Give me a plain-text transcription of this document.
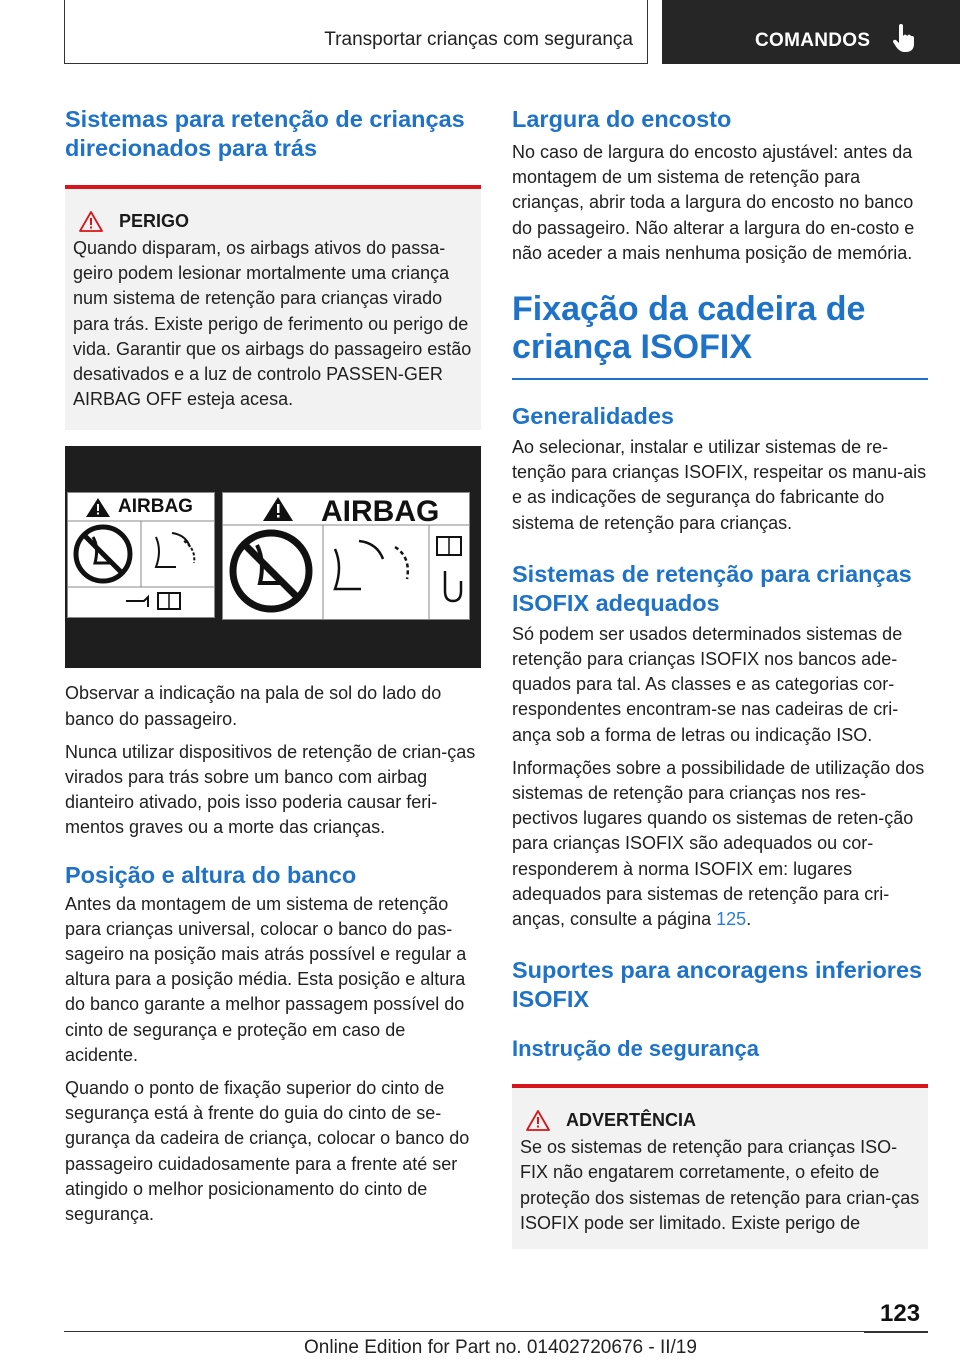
Transportar crianças com segurança	COMANDOS
Sistemas para retenção de crianças direcionados para trás
PERIGO

Quando disparam, os airbags ativos do passa-geiro podem lesionar mortalmente uma criança num sistema de retenção para crianças virado para trás. Existe perigo de ferimento ou perigo de vida. Garantir que os airbags do passageiro estão desativados e a luz de controlo PASSEN-GER AIRBAG OFF esteja acesa.

AIRBAG	AIRBAG

Observar a indicação na pala de sol do lado do banco do passageiro.

Nunca utilizar dispositivos de retenção de crian-ças virados para trás sobre um banco com airbag dianteiro ativado, pois isso poderia causar feri-mentos graves ou a morte das crianças.

Posição e altura do banco

Antes da montagem de um sistema de retenção para crianças universal, colocar o banco do pas-sageiro na posição mais atrás possível e regular a altura para a posição média. Esta posição e altura do banco garante a melhor passagem possível do cinto de segurança e proteção em caso de acidente.

Quando o ponto de fixação superior do cinto de segurança está à frente do guia do cinto de se-gurança da cadeira de criança, colocar o banco do passageiro cuidadosamente para a frente até ser atingido o melhor posicionamento do cinto de segurança.

Largura do encosto

No caso de largura do encosto ajustável: antes da montagem de um sistema de retenção para crianças, abrir toda a largura do encosto no banco do passageiro. Não alterar a largura do en-costo e não aceder a mais nenhuma posição de memória.

Fixação da cadeira de criança ISOFIX
Generalidades

Ao selecionar, instalar e utilizar sistemas de re-tenção para crianças ISOFIX, respeitar os manu-ais e as indicações de segurança do fabricante do sistema de retenção para crianças.

Sistemas de retenção para crianças ISOFIX adequados

Só podem ser usados determinados sistemas de retenção para crianças ISOFIX nos bancos ade-quados para tal. As classes e as categorias cor-respondentes encontram-se nas cadeiras de cri-ança sob a forma de letras ou indicação ISO.

Informações sobre a possibilidade de utilização dos sistemas de retenção para crianças nos res-pectivos lugares quando os sistemas de reten-ção para crianças ISOFIX são adequados ou cor-responderem à norma ISOFIX em: lugares adequados para sistemas de retenção para cri-anças, consulte a página 125.

Suportes para ancoragens inferiores ISOFIX
Instrução de segurança
ADVERTÊNCIA

Se os sistemas de retenção para crianças ISO-FIX não engatarem corretamente, o efeito de proteção dos sistemas de retenção para crian-ças ISOFIX pode ser limitado. Existe perigo de

123
Online Edition for Part no. 01402720676 - II/19
